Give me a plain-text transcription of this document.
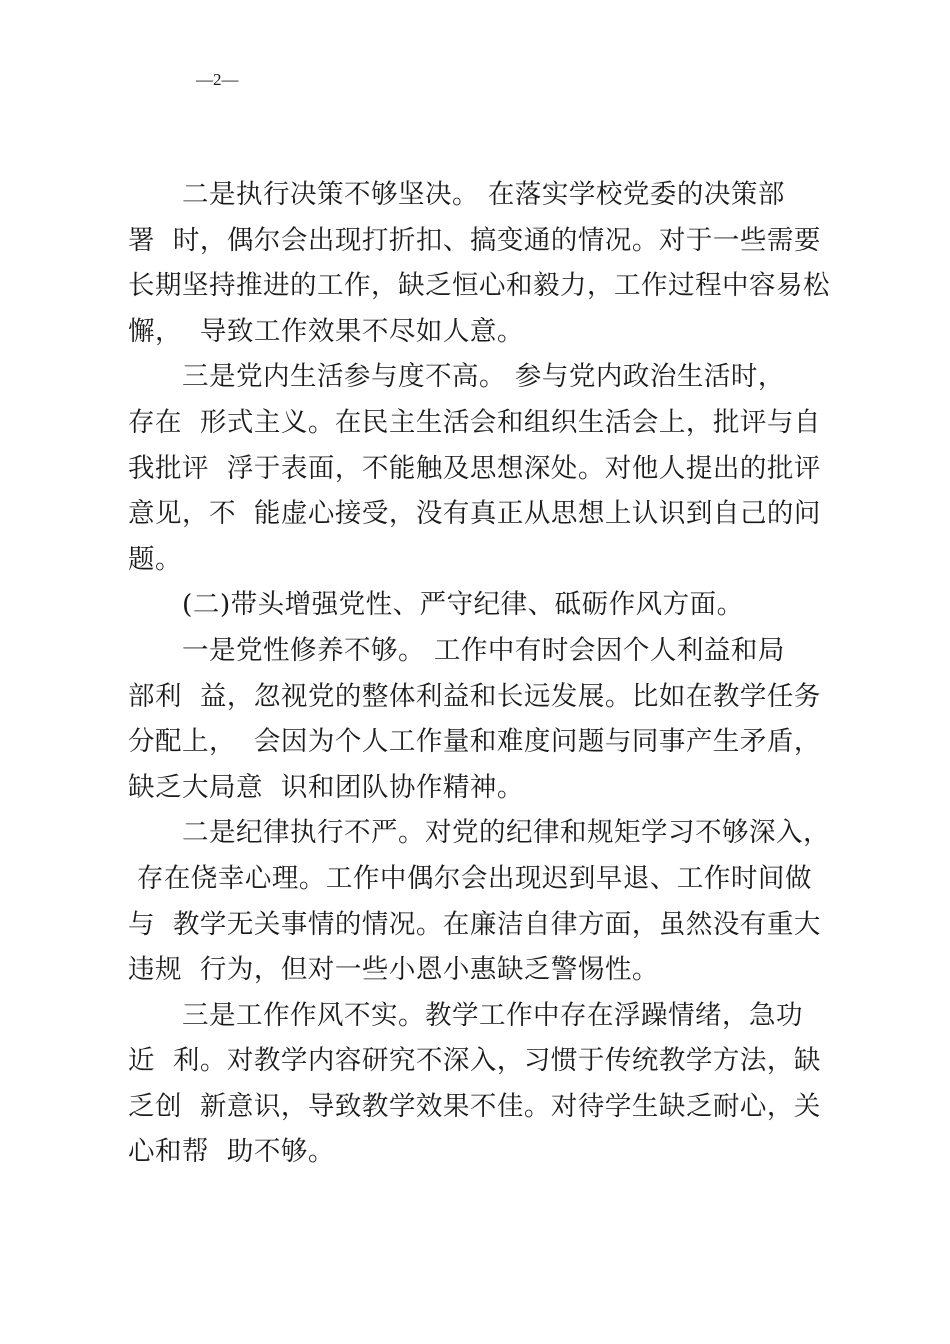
—2—
　　二是执行决策不够坚决。 在落实学校党委的决策部
署  时，偶尔会出现打折扣、搞变通的情况。对于一些需要
长期坚持推进的工作，缺乏恒心和毅力，工作过程中容易松
懈，  导致工作效果不尽如人意。
　　三是党内生活参与度不高。 参与党内政治生活时，
存在  形式主义。在民主生活会和组织生活会上，批评与自
我批评  浮于表面，不能触及思想深处。对他人提出的批评
意见，不  能虚心接受，没有真正从思想上认识到自己的问
题。
　　(二)带头增强党性、严守纪律、砥砺作风方面。
　　一是党性修养不够。 工作中有时会因个人利益和局
部利  益，忽视党的整体利益和长远发展。比如在教学任务
分配上，  会因为个人工作量和难度问题与同事产生矛盾，
缺乏大局意  识和团队协作精神。
　　二是纪律执行不严。对党的纪律和规矩学习不够深入，
存在侥幸心理。工作中偶尔会出现迟到早退、工作时间做
与  教学无关事情的情况。在廉洁自律方面，虽然没有重大
违规  行为，但对一些小恩小惠缺乏警惕性。
　　三是工作作风不实。教学工作中存在浮躁情绪，急功
近  利。对教学内容研究不深入，习惯于传统教学方法，缺
乏创  新意识，导致教学效果不佳。对待学生缺乏耐心，关
心和帮  助不够。
